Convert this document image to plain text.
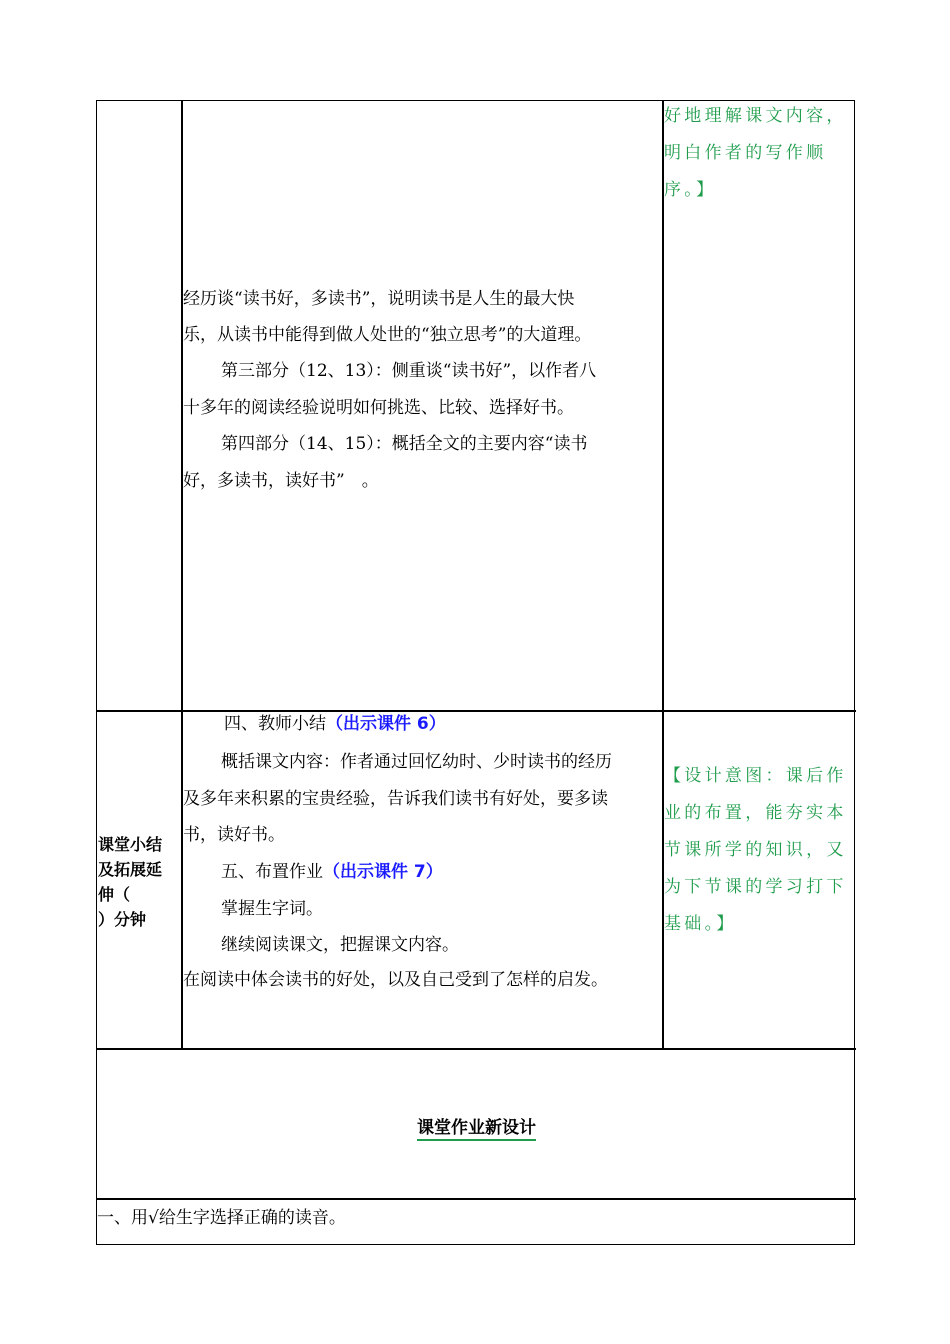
好地理解课文内容，
明白作者的写作顺
序。】
经历谈“读书好，多读书”，说明读书是人生的最大快
乐，从读书中能得到做人处世的“独立思考”的大道理。
第三部分（12、13）：侧重谈“读书好”，以作者八
十多年的阅读经验说明如何挑选、比较、选择好书。
第四部分（14、15）：概括全文的主要内容“读书
好，多读书，读好书”　。
四、教师小结（出示课件 6）
概括课文内容：作者通过回忆幼时、少时读书的经历
及多年来积累的宝贵经验，告诉我们读书有好处，要多读
书，读好书。
五、布置作业（出示课件 7）
掌握生字词。
继续阅读课文，把握课文内容。
在阅读中体会读书的好处，以及自己受到了怎样的启发。
【设计意图：课后作
业的布置，能夯实本
节课所学的知识，又
为下节课的学习打下
基础。】
课堂作业新设计
一、用√给生字选择正确的读音。
课堂小结
及拓展延
伸（
）分钟
